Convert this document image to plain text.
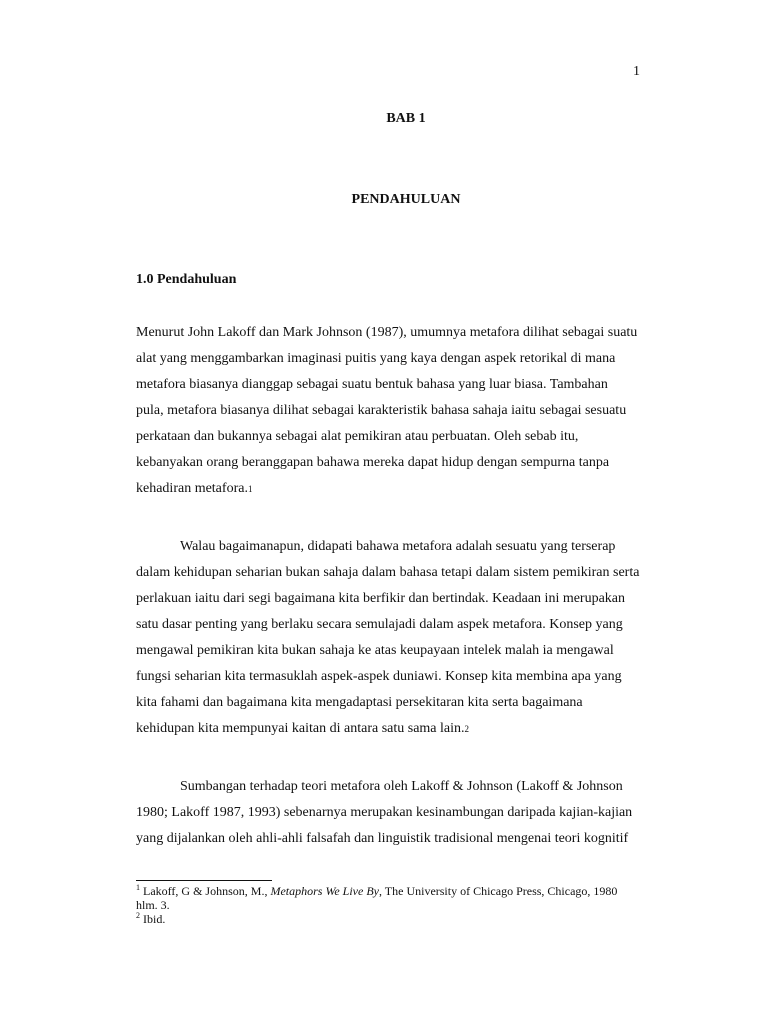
1
BAB 1
PENDAHULUAN
1.0 Pendahuluan

Menurut John Lakoff dan Mark Johnson (1987), umumnya metafora dilihat sebagai suatu
alat yang menggambarkan imaginasi puitis yang kaya dengan aspek retorikal di mana
metafora biasanya dianggap sebagai suatu bentuk bahasa yang luar biasa. Tambahan
pula, metafora biasanya dilihat sebagai karakteristik bahasa sahaja iaitu sebagai sesuatu
perkataan dan bukannya sebagai alat pemikiran atau perbuatan. Oleh sebab itu,
kebanyakan orang beranggapan bahawa mereka dapat hidup dengan sempurna tanpa
kehadiran metafora.1

Walau bagaimanapun, didapati bahawa metafora adalah sesuatu yang terserap
dalam kehidupan seharian bukan sahaja dalam bahasa tetapi dalam sistem pemikiran serta
perlakuan iaitu dari segi bagaimana kita berfikir dan bertindak. Keadaan ini merupakan
satu dasar penting yang berlaku secara semulajadi dalam aspek metafora. Konsep yang
mengawal pemikiran kita bukan sahaja ke atas keupayaan intelek malah ia mengawal
fungsi seharian kita termasuklah aspek-aspek duniawi. Konsep kita membina apa yang
kita fahami dan bagaimana kita mengadaptasi persekitaran kita serta bagaimana
kehidupan kita mempunyai kaitan di antara satu sama lain.2

Sumbangan terhadap teori metafora oleh Lakoff & Johnson (Lakoff & Johnson
1980; Lakoff 1987, 1993) sebenarnya merupakan kesinambungan daripada kajian-kajian
yang dijalankan oleh ahli-ahli falsafah dan linguistik tradisional mengenai teori kognitif

$^1$ Lakoff, G & Johnson, M., Metaphors We Live By, The University of Chicago Press, Chicago, 1980
hlm. 3.
$^2$ Ibid.
